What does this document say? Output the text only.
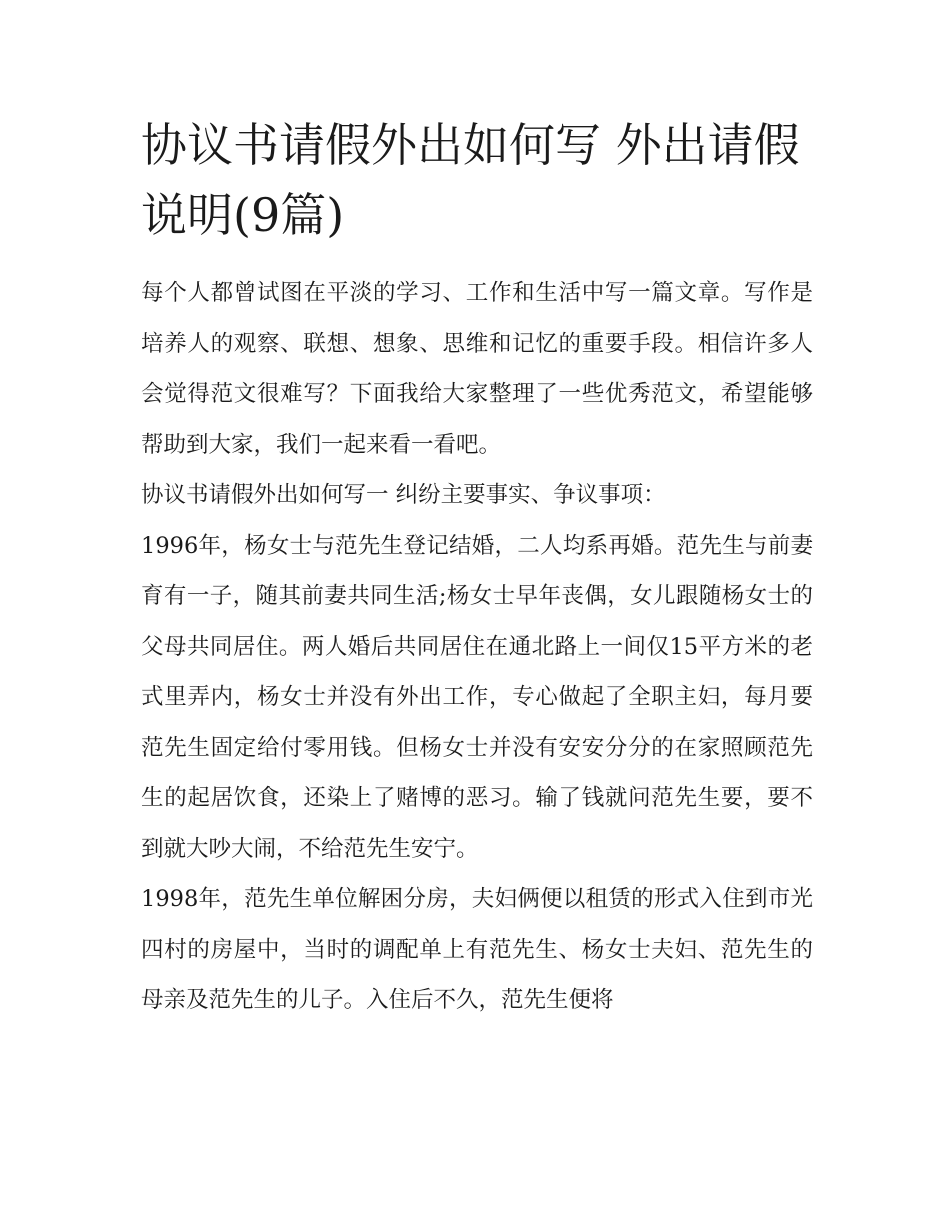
协议书请假外出如何写 外出请假说明(9篇)

每个人都曾试图在平淡的学习、工作和生活中写一篇文章。写作是培养人的观察、联想、想象、思维和记忆的重要手段。相信许多人会觉得范文很难写？下面我给大家整理了一些优秀范文，希望能够帮助到大家，我们一起来看一看吧。

协议书请假外出如何写一 纠纷主要事实、争议事项：

1996年，杨女士与范先生登记结婚，二人均系再婚。范先生与前妻育有一子，随其前妻共同生活;杨女士早年丧偶，女儿跟随杨女士的父母共同居住。两人婚后共同居住在通北路上一间仅15平方米的老式里弄内，杨女士并没有外出工作，专心做起了全职主妇，每月要范先生固定给付零用钱。但杨女士并没有安安分分的在家照顾范先生的起居饮食，还染上了赌博的恶习。输了钱就问范先生要，要不到就大吵大闹，不给范先生安宁。

1998年，范先生单位解困分房，夫妇俩便以租赁的形式入住到市光四村的房屋中，当时的调配单上有范先生、杨女士夫妇、范先生的母亲及范先生的儿子。入住后不久，范先生便将
